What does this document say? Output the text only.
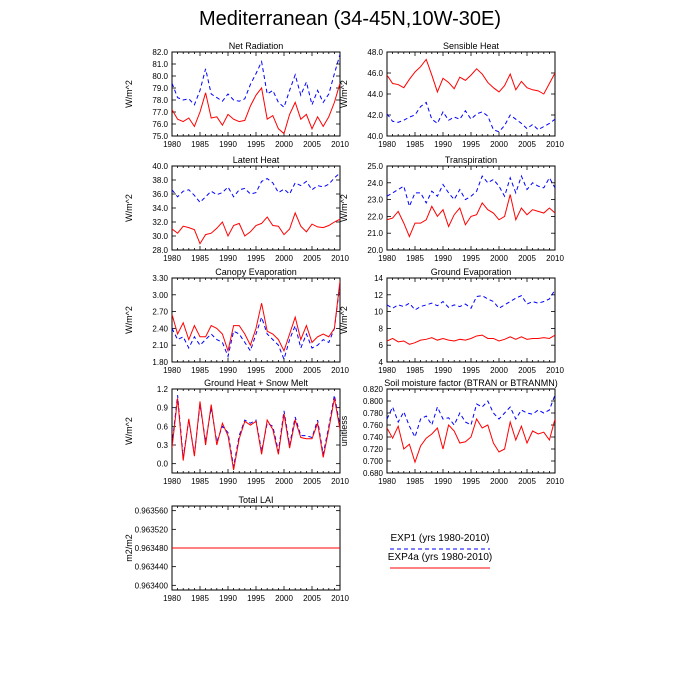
Mediterranean (34-45N,10W-30E)
Net Radiation
W/m^2
1980 1985 1990 1995 2000 2005 2010
75.0
76.0
77.0
78.0
79.0
80.0
81.0
82.0
Sensible Heat
W/m^2
1980 1985 1990 1995 2000 2005 2010
40.0
42.0
44.0
46.0
48.0
Latent Heat
W/m^2
1980 1985 1990 1995 2000 2005 2010
28.0
30.0
32.0
34.0
36.0
38.0
40.0
Transpiration
W/m^2
1980 1985 1990 1995 2000 2005 2010
20.0
21.0
22.0
23.0
24.0
25.0
Canopy Evaporation
W/m^2
1980 1985 1990 1995 2000 2005 2010
1.80
2.10
2.40
2.70
3.00
3.30
Ground Evaporation
W/m^2
1980 1985 1990 1995 2000 2005 2010
4
6
8
10
12
14
Ground Heat + Snow Melt
W/m^2
1980 1985 1990 1995 2000 2005 2010
0.0
0.3
0.6
0.9
1.2
Soil moisture factor (BTRAN or BTRANMN)
unitless
1980 1985 1990 1995 2000 2005 2010
0.680
0.700
0.720
0.740
0.760
0.780
0.800
0.820
Total LAI
m2/m2
1980 1985 1990 1995 2000 2005 2010
0.963400
0.963440
0.963480
0.963520
0.963560
EXP1 (yrs 1980-2010)
EXP4a (yrs 1980-2010)
